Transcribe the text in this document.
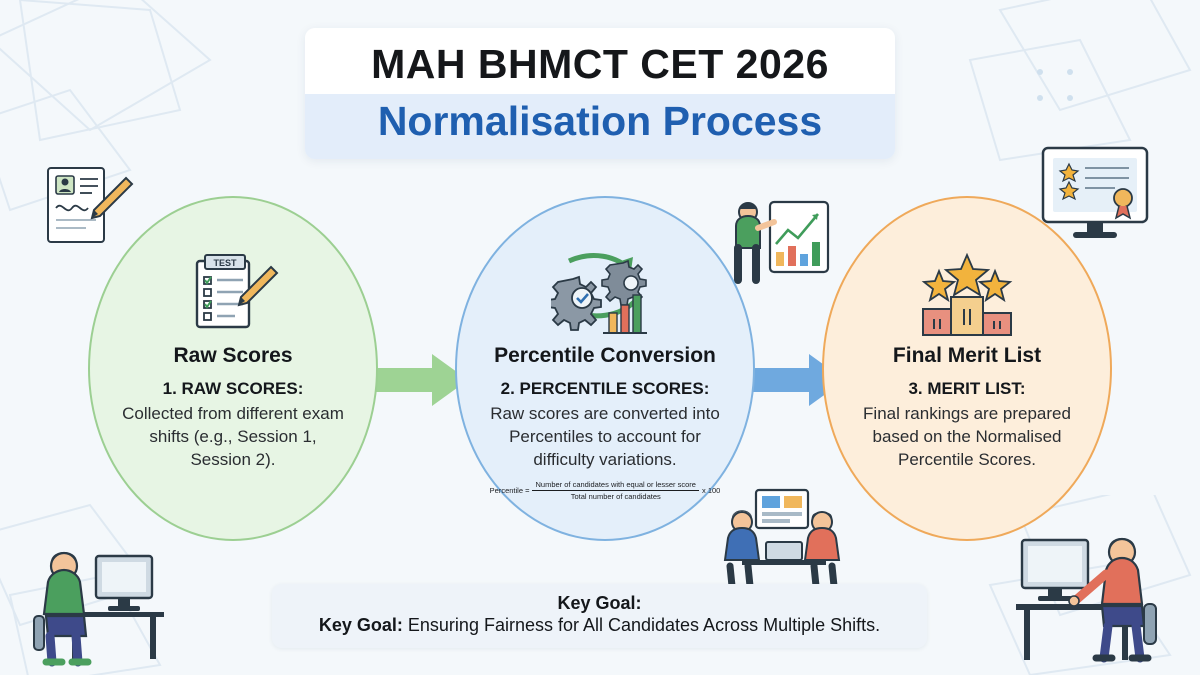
MAH BHMCT CET 2026
Normalisation Process
TEST
Raw Scores
1. RAW SCORES:
Collected from different exam shifts (e.g., Session 1, Session 2).
Percentile Conversion
2. PERCENTILE SCORES:
Raw scores are converted into Percentiles to account for difficulty variations.
Percentile = $\frac{\text{Number of candidates with equal or lesser score}}{\text{Total number of candidates}}$ x 100
Final Merit List
3. MERIT LIST:
Final rankings are prepared based on the Normalised Percentile Scores.
Key Goal:
Key Goal: Ensuring Fairness for All Candidates Across Multiple Shifts.
